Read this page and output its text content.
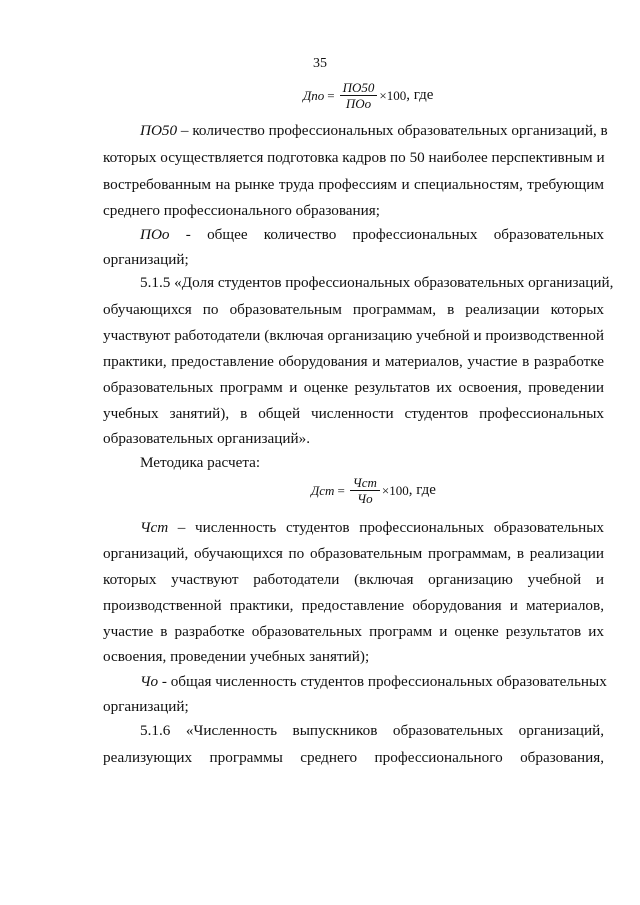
35
Дпо = $\frac{ПО50}{\text{ПОо}} \times 100$ , где
ПО50 – количество профессиональных образовательных организаций, в
которых осуществляется подготовка кадров по 50 наиболее перспективным и
востребованным на рынке труда профессиям и специальностям, требующим
среднего профессионального образования;
ПОо - общее количество профессиональных образовательных
организаций;
5.1.5 «Доля студентов профессиональных образовательных организаций,
обучающихся по образовательным программам, в реализации которых
участвуют работодатели (включая организацию учебной и производственной
практики, предоставление оборудования и материалов, участие в разработке
образовательных программ и оценке результатов их освоения, проведении
учебных занятий), в общей численности студентов профессиональных
образовательных организаций».
Методика расчета:
Дст = $\frac{\text{Чст}}{Чо} \times 100$ , где
Чст – численность студентов профессиональных образовательных
организаций, обучающихся по образовательным программам, в реализации
которых участвуют работодатели (включая организацию учебной и
производственной практики, предоставление оборудования и материалов,
участие в разработке образовательных программ и оценке результатов их
освоения, проведении учебных занятий);
Чо - общая численность студентов профессиональных образовательных
организаций;
5.1.6 «Численность выпускников образовательных организаций,
реализующих программы среднего профессионального образования,
